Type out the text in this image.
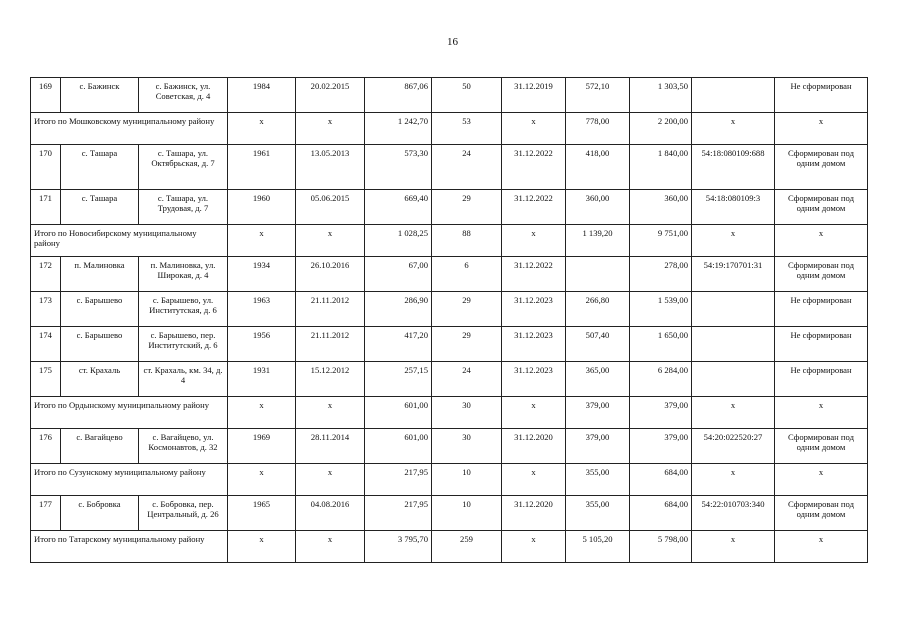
16
169	с. Бажинск	с. Бажинск, ул. Советская, д. 4	1984	20.02.2015	867,06	50	31.12.2019	572,10	1 303,50		Не сформирован
Итого по Мошковскому муниципальному району			x	x	1 242,70	53	x	778,00	2 200,00	x	x
170	с. Ташара	с. Ташара, ул. Октябрьская, д. 7	1961	13.05.2013	573,30	24	31.12.2022	418,00	1 840,00	54:18:080109:688	Сформирован под одним домом
171	с. Ташара	с. Ташара, ул. Трудовая, д. 7	1960	05.06.2015	669,40	29	31.12.2022	360,00	360,00	54:18:080109:3	Сформирован под одним домом
Итого по Новосибирскому муниципальному району			x	x	1 028,25	88	x	1 139,20	9 751,00	x	x
172	п. Малиновка	п. Малиновка, ул. Широкая, д. 4	1934	26.10.2016	67,00	6	31.12.2022		278,00	54:19:170701:31	Сформирован под одним домом
173	с. Барышево	с. Барышево, ул. Институтская, д. 6	1963	21.11.2012	286,90	29	31.12.2023	266,80	1 539,00		Не сформирован
174	с. Барышево	с. Барышево, пер. Институтский, д. 6	1956	21.11.2012	417,20	29	31.12.2023	507,40	1 650,00		Не сформирован
175	ст. Крахаль	ст. Крахаль, км. 34, д. 4	1931	15.12.2012	257,15	24	31.12.2023	365,00	6 284,00		Не сформирован
Итого по Ордынскому муниципальному району			x	x	601,00	30	x	379,00	379,00	x	x
176	с. Вагайцево	с. Вагайцево, ул. Космонавтов, д. 32	1969	28.11.2014	601,00	30	31.12.2020	379,00	379,00	54:20:022520:27	Сформирован под одним домом
Итого по Сузунскому муниципальному району			x	x	217,95	10	x	355,00	684,00	x	x
177	с. Бобровка	с. Бобровка, пер. Центральный, д. 26	1965	04.08.2016	217,95	10	31.12.2020	355,00	684,00	54:22:010703:340	Сформирован под одним домом
Итого по Татарскому муниципальному району			x	x	3 795,70	259	x	5 105,20	5 798,00	x	x
